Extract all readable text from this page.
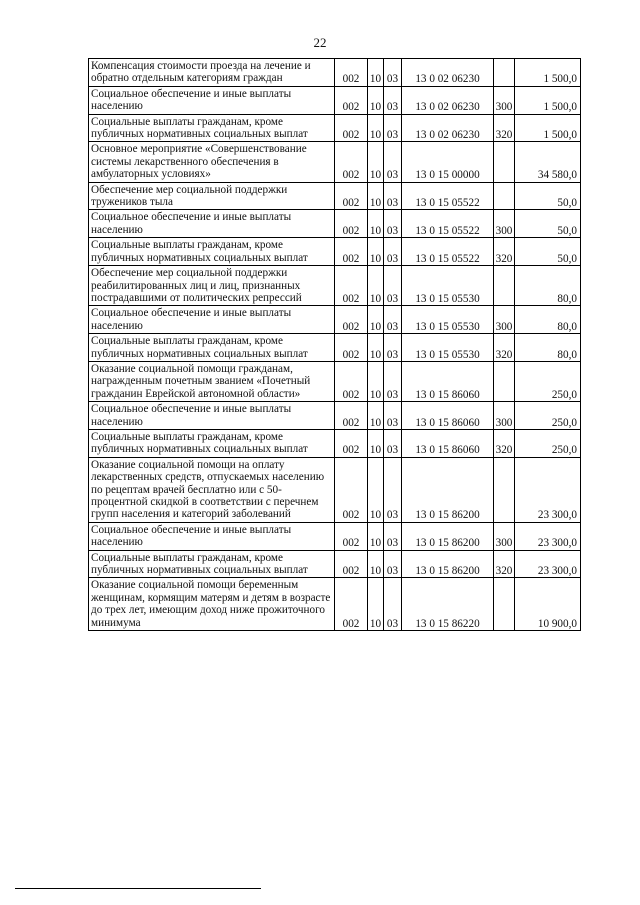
22
Компенсация стоимости проезда на лечение и обратно отдельным категориям граждан	002	10	03	13 0 02 06230		1 500,0
Социальное обеспечение и иные выплаты населению	002	10	03	13 0 02 06230	300	1 500,0
Социальные выплаты гражданам, кроме публичных нормативных социальных выплат	002	10	03	13 0 02 06230	320	1 500,0
Основное мероприятие «Совершенствование системы лекарственного обеспечения в амбулаторных условиях»	002	10	03	13 0 15 00000		34 580,0
Обеспечение мер социальной поддержки тружеников тыла	002	10	03	13 0 15 05522		50,0
Социальное обеспечение и иные выплаты населению	002	10	03	13 0 15 05522	300	50,0
Социальные выплаты гражданам, кроме публичных нормативных социальных выплат	002	10	03	13 0 15 05522	320	50,0
Обеспечение мер социальной поддержки реабилитированных лиц и лиц, признанных пострадавшими от политических репрессий	002	10	03	13 0 15 05530		80,0
Социальное обеспечение и иные выплаты населению	002	10	03	13 0 15 05530	300	80,0
Социальные выплаты гражданам, кроме публичных нормативных социальных выплат	002	10	03	13 0 15 05530	320	80,0
Оказание социальной помощи гражданам, награжденным почетным званием «Почетный гражданин Еврейской автономной области»	002	10	03	13 0 15 86060		250,0
Социальное обеспечение и иные выплаты населению	002	10	03	13 0 15 86060	300	250,0
Социальные выплаты гражданам, кроме публичных нормативных социальных выплат	002	10	03	13 0 15 86060	320	250,0
Оказание социальной помощи на оплату лекарственных средств, отпускаемых населению по рецептам врачей бесплатно или с 50-процентной скидкой в соответствии с перечнем групп населения и категорий заболеваний	002	10	03	13 0 15 86200		23 300,0
Социальное обеспечение и иные выплаты населению	002	10	03	13 0 15 86200	300	23 300,0
Социальные выплаты гражданам, кроме публичных нормативных социальных выплат	002	10	03	13 0 15 86200	320	23 300,0
Оказание социальной помощи беременным женщинам, кормящим матерям и детям в возрасте до трех лет, имеющим доход ниже прожиточного минимума	002	10	03	13 0 15 86220		10 900,0
